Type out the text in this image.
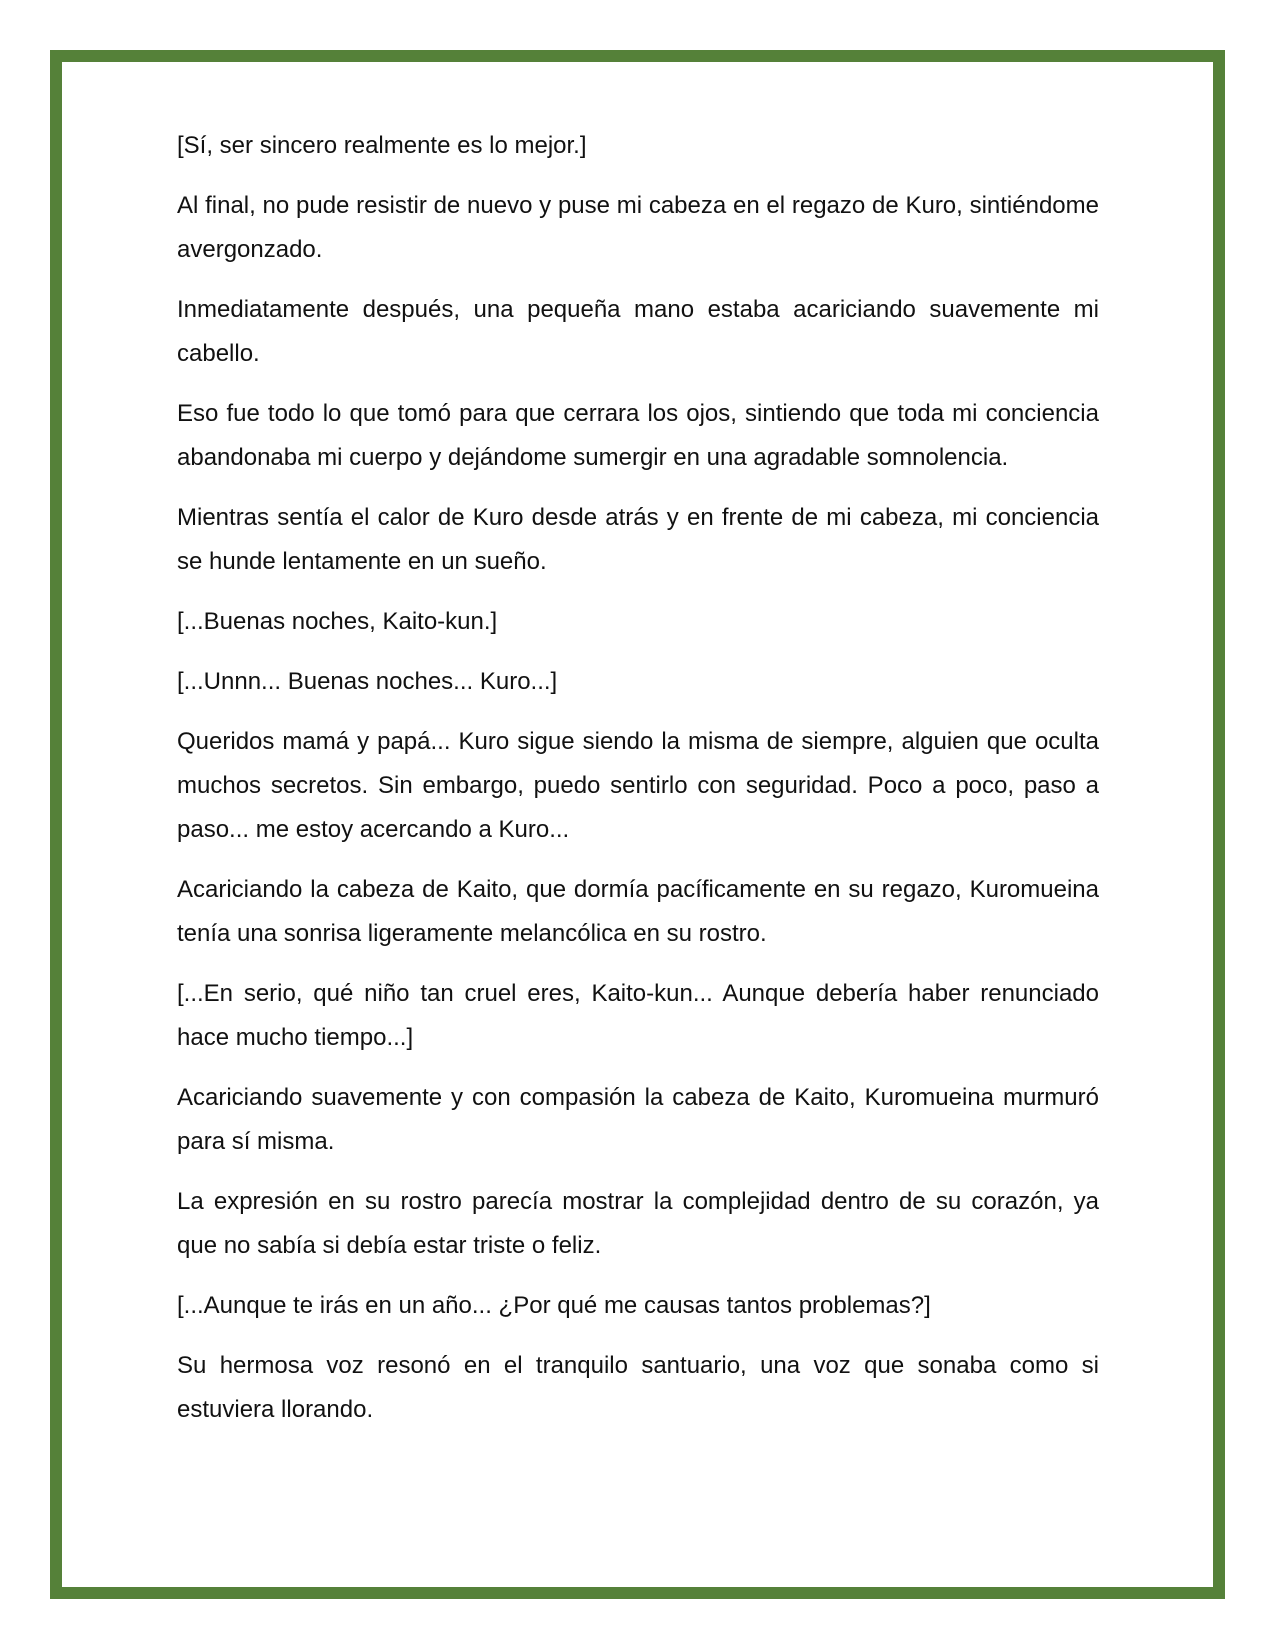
[Sí, ser sincero realmente es lo mejor.]

Al final, no pude resistir de nuevo y puse mi cabeza en el regazo de Kuro, sintiéndome avergonzado.

Inmediatamente después, una pequeña mano estaba acariciando suavemente mi cabello.

Eso fue todo lo que tomó para que cerrara los ojos, sintiendo que toda mi conciencia abandonaba mi cuerpo y dejándome sumergir en una agradable somnolencia.

Mientras sentía el calor de Kuro desde atrás y en frente de mi cabeza, mi conciencia se hunde lentamente en un sueño.

[...Buenas noches, Kaito-kun.]

[...Unnn... Buenas noches... Kuro...]

Queridos mamá y papá... Kuro sigue siendo la misma de siempre, alguien que oculta muchos secretos. Sin embargo, puedo sentirlo con seguridad. Poco a poco, paso a paso... me estoy acercando a Kuro...

Acariciando la cabeza de Kaito, que dormía pacíficamente en su regazo, Kuromueina tenía una sonrisa ligeramente melancólica en su rostro.

[...En serio, qué niño tan cruel eres, Kaito-kun... Aunque debería haber renunciado hace mucho tiempo...]

Acariciando suavemente y con compasión la cabeza de Kaito, Kuromueina murmuró para sí misma.

La expresión en su rostro parecía mostrar la complejidad dentro de su corazón, ya que no sabía si debía estar triste o feliz.

[...Aunque te irás en un año... ¿Por qué me causas tantos problemas?]

Su hermosa voz resonó en el tranquilo santuario, una voz que sonaba como si estuviera llorando.
